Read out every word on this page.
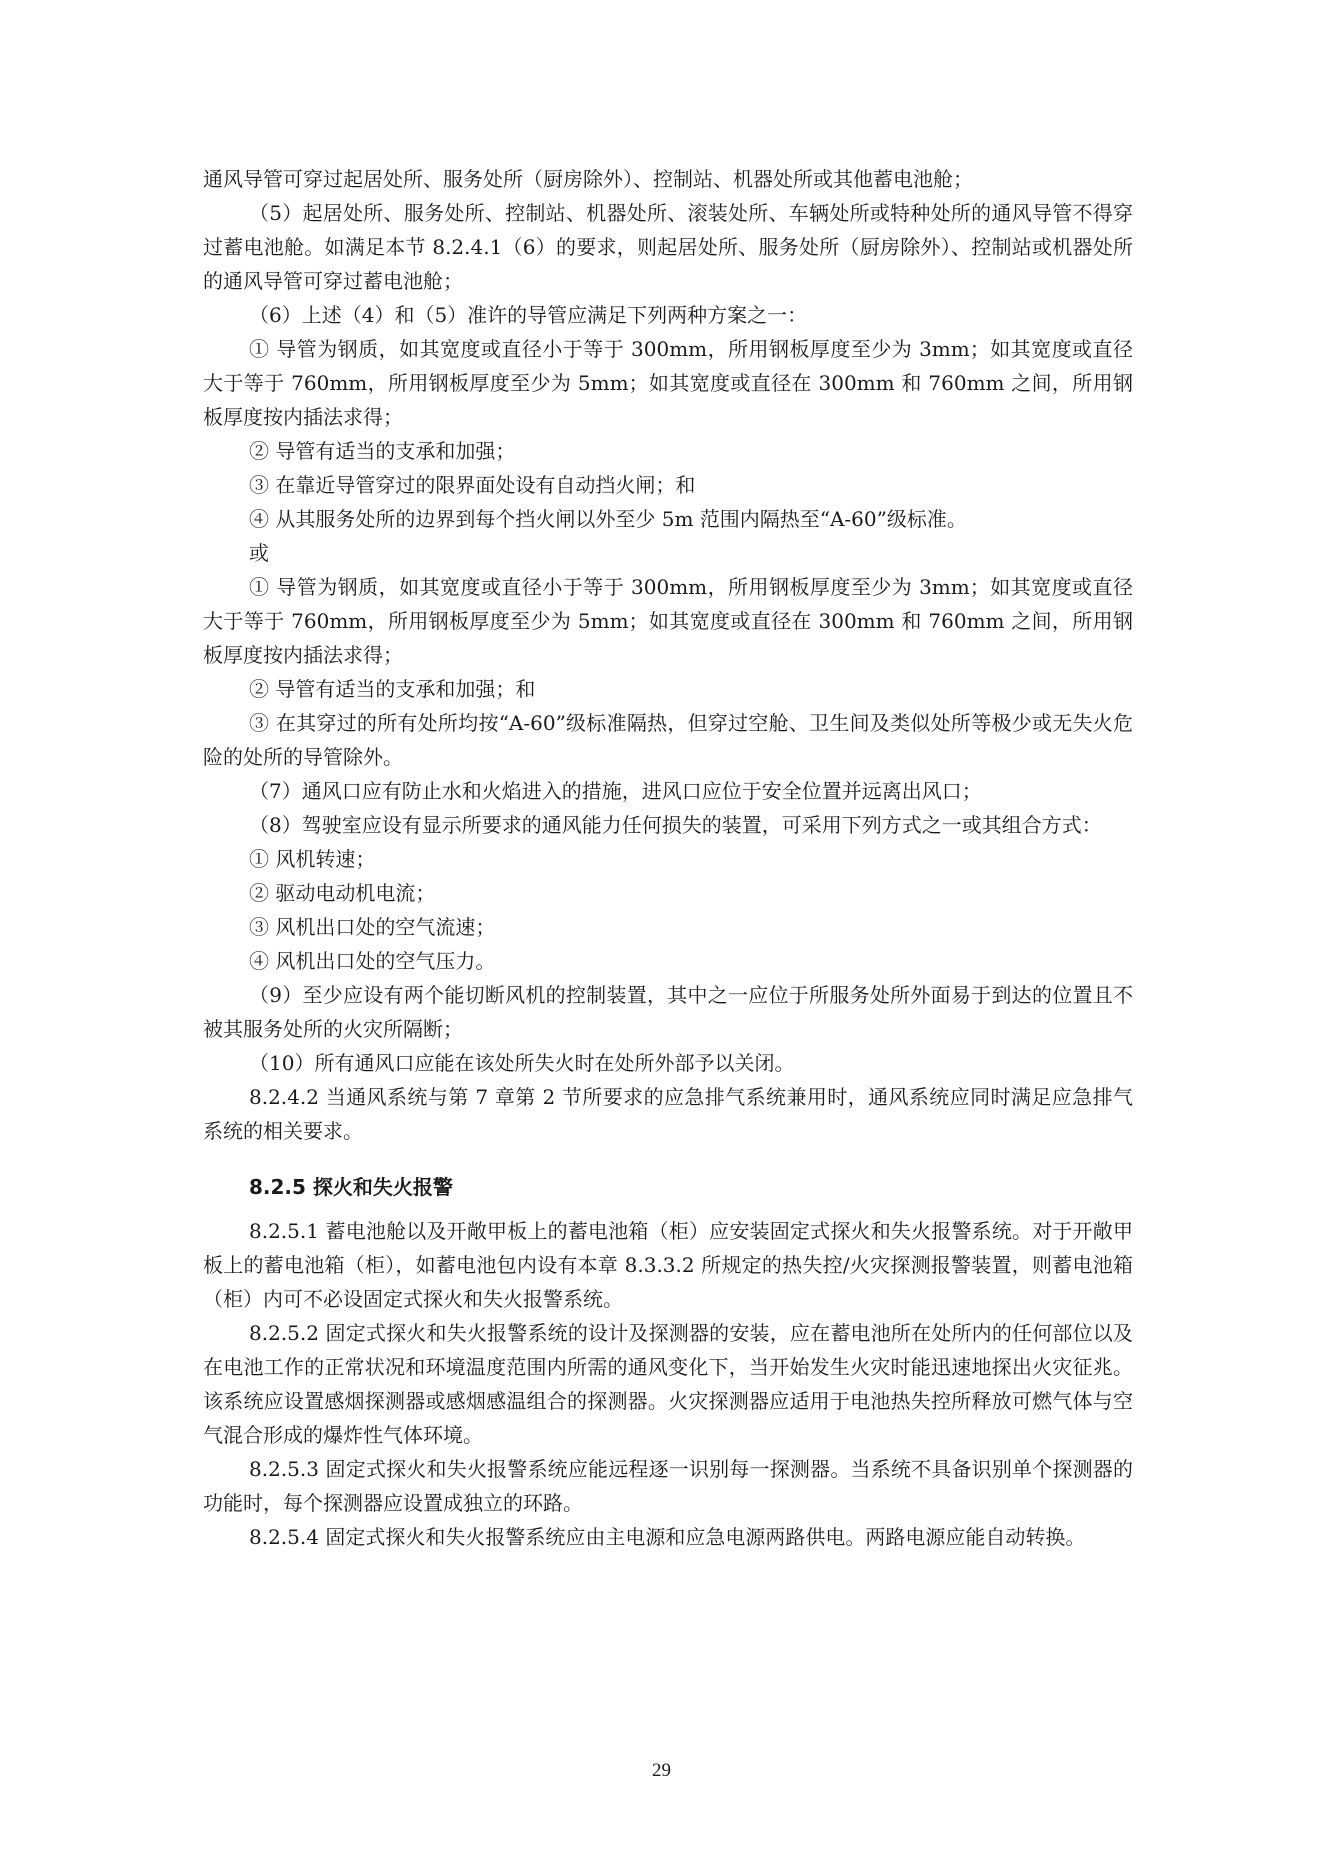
通风导管可穿过起居处所、服务处所（厨房除外）、控制站、机器处所或其他蓄电池舱；

（5）起居处所、服务处所、控制站、机器处所、滚装处所、车辆处所或特种处所的通风导管不得穿过蓄电池舱。如满足本节 8.2.4.1（6）的要求，则起居处所、服务处所（厨房除外）、控制站或机器处所的通风导管可穿过蓄电池舱；

（6）上述（4）和（5）准许的导管应满足下列两种方案之一：

① 导管为钢质，如其宽度或直径小于等于 300mm，所用钢板厚度至少为 3mm；如其宽度或直径大于等于 760mm，所用钢板厚度至少为 5mm；如其宽度或直径在 300mm 和 760mm 之间，所用钢板厚度按内插法求得；

② 导管有适当的支承和加强；

③ 在靠近导管穿过的限界面处设有自动挡火闸；和

④ 从其服务处所的边界到每个挡火闸以外至少 5m 范围内隔热至“A-60”级标准。

或

① 导管为钢质，如其宽度或直径小于等于 300mm，所用钢板厚度至少为 3mm；如其宽度或直径大于等于 760mm，所用钢板厚度至少为 5mm；如其宽度或直径在 300mm 和 760mm 之间，所用钢板厚度按内插法求得；

② 导管有适当的支承和加强；和

③ 在其穿过的所有处所均按“A-60”级标准隔热，但穿过空舱、卫生间及类似处所等极少或无失火危险的处所的导管除外。

（7）通风口应有防止水和火焰进入的措施，进风口应位于安全位置并远离出风口；

（8）驾驶室应设有显示所要求的通风能力任何损失的装置，可采用下列方式之一或其组合方式：

① 风机转速；

② 驱动电动机电流；

③ 风机出口处的空气流速；

④ 风机出口处的空气压力。

（9）至少应设有两个能切断风机的控制装置，其中之一应位于所服务处所外面易于到达的位置且不被其服务处所的火灾所隔断；

（10）所有通风口应能在该处所失火时在处所外部予以关闭。

8.2.4.2 当通风系统与第 7 章第 2 节所要求的应急排气系统兼用时，通风系统应同时满足应急排气系统的相关要求。

8.2.5 探火和失火报警

8.2.5.1 蓄电池舱以及开敞甲板上的蓄电池箱（柜）应安装固定式探火和失火报警系统。对于开敞甲板上的蓄电池箱（柜），如蓄电池包内设有本章 8.3.3.2 所规定的热失控/火灾探测报警装置，则蓄电池箱（柜）内可不必设固定式探火和失火报警系统。

8.2.5.2 固定式探火和失火报警系统的设计及探测器的安装，应在蓄电池所在处所内的任何部位以及在电池工作的正常状况和环境温度范围内所需的通风变化下，当开始发生火灾时能迅速地探出火灾征兆。该系统应设置感烟探测器或感烟感温组合的探测器。火灾探测器应适用于电池热失控所释放可燃气体与空气混合形成的爆炸性气体环境。

8.2.5.3 固定式探火和失火报警系统应能远程逐一识别每一探测器。当系统不具备识别单个探测器的功能时，每个探测器应设置成独立的环路。

8.2.5.4 固定式探火和失火报警系统应由主电源和应急电源两路供电。两路电源应能自动转换。

29
